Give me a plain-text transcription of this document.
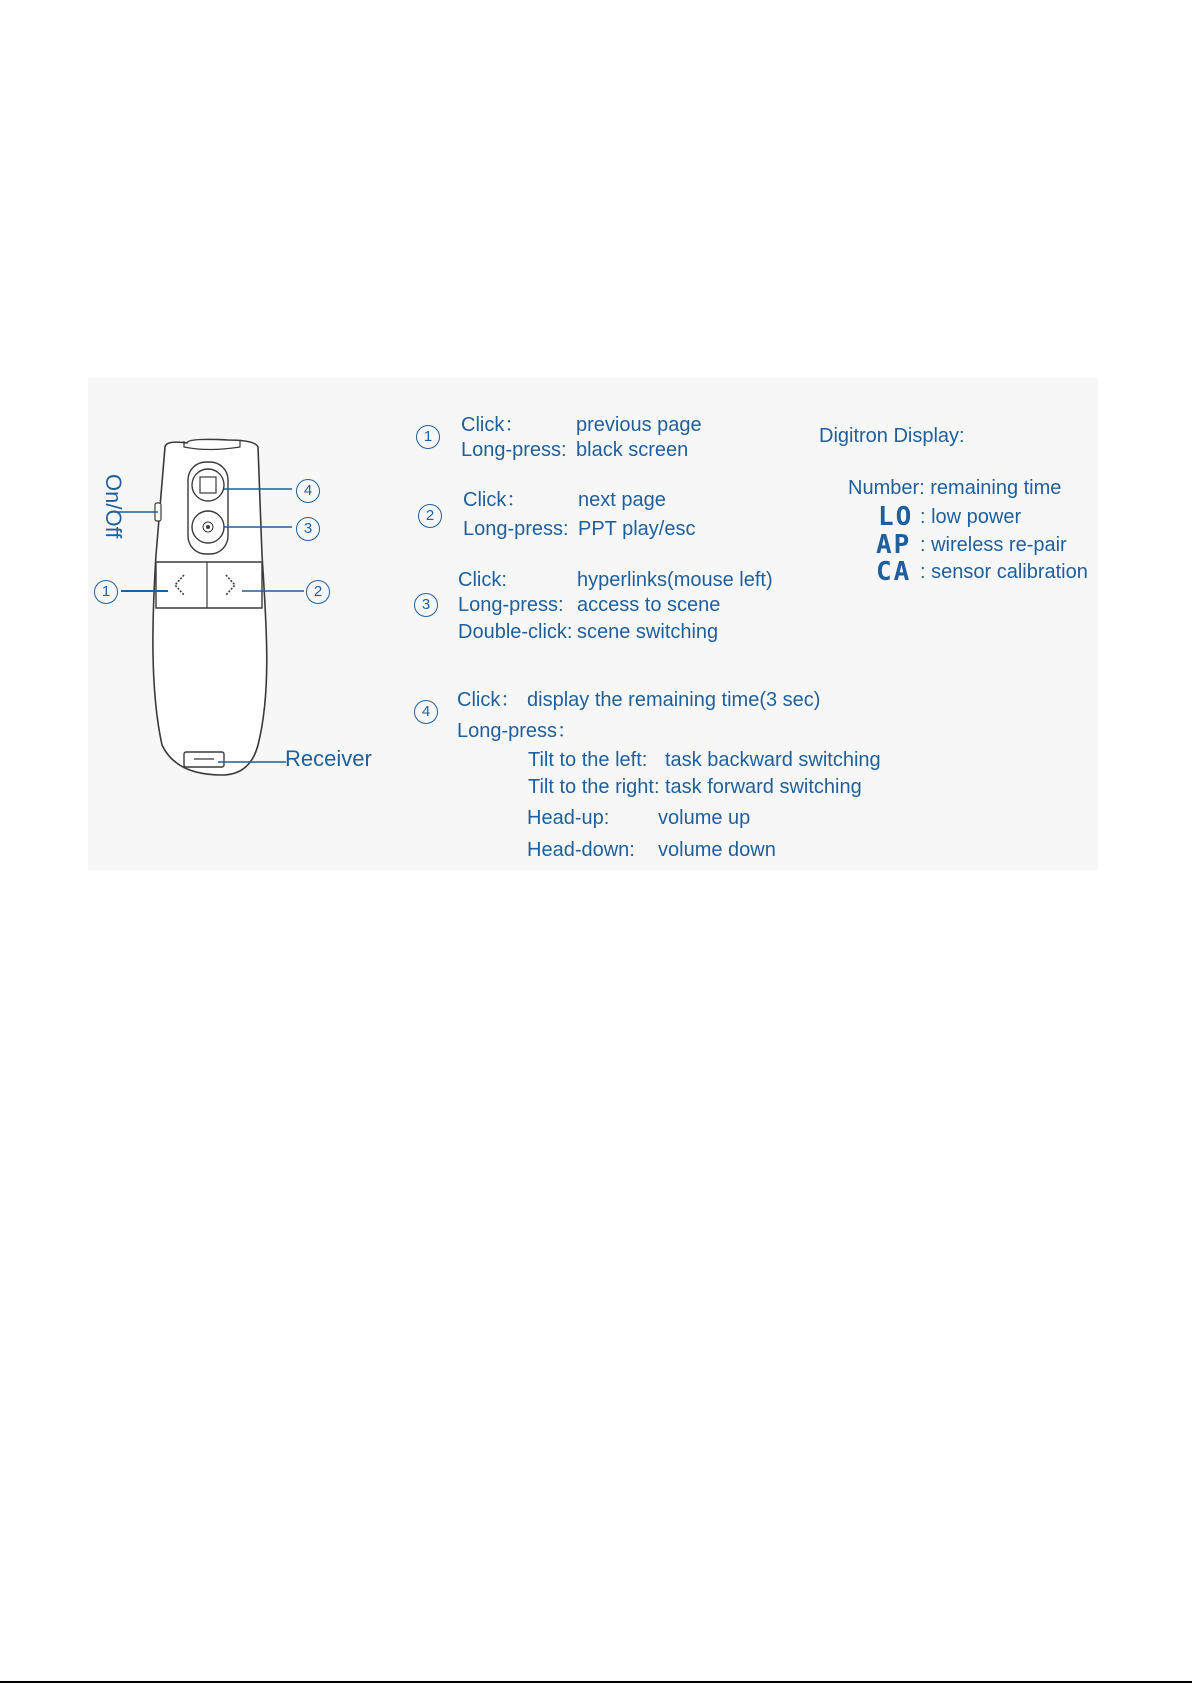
On/Off
1	2
3
4
Receiver
1
Click：	previous page
Long-press: black screen
2
Click：	next page
Long-press: PPT play/esc
3
Click:	hyperlinks(mouse left)
Long-press: access to scene
Double-click: scene switching
4
Click： display the remaining time(3 sec)
Long-press：
Tilt to the left: task backward switching
Tilt to the right: task forward switching
Head-up: volume up
Head-down: volume down
Digitron Display:
Number: remaining time
LO : low power
AP : wireless re-pair
CA : sensor calibration
